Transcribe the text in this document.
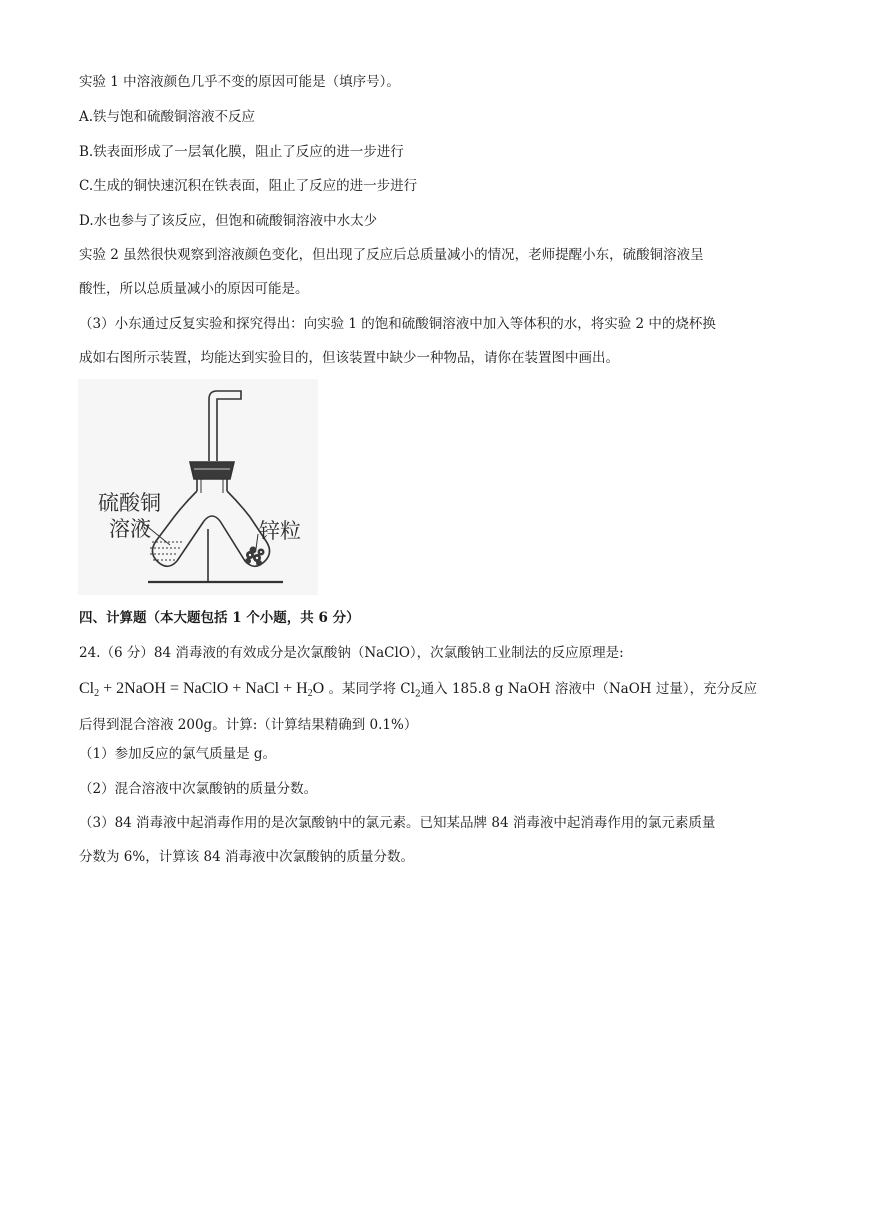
实验 1 中溶液颜色几乎不变的原因可能是（填序号）。
A.铁与饱和硫酸铜溶液不反应
B.铁表面形成了一层氧化膜，阻止了反应的进一步进行
C.生成的铜快速沉积在铁表面，阻止了反应的进一步进行
D.水也参与了该反应，但饱和硫酸铜溶液中水太少
实验 2 虽然很快观察到溶液颜色变化，但出现了反应后总质量减小的情况，老师提醒小东，硫酸铜溶液呈
酸性，所以总质量减小的原因可能是。
（3）小东通过反复实验和探究得出：向实验 1 的饱和硫酸铜溶液中加入等体积的水，将实验 2 中的烧杯换
成如右图所示装置，均能达到实验目的，但该装置中缺少一种物品，请你在装置图中画出。
硫酸铜
溶液	锌粒
四、计算题（本大题包括 1 个小题，共 6 分）
24.（6 分）84 消毒液的有效成分是次氯酸钠（NaClO），次氯酸钠工业制法的反应原理是:
$Cl_2$ + 2NaOH = NaClO + NaCl + $H_2O$ 。某同学将 $Cl_2$通入 185.8 g NaOH 溶液中（NaOH 过量），充分反应
后得到混合溶液 200g。计算:（计算结果精确到 0.1%）
（1）参加反应的氯气质量是 g。
（2）混合溶液中次氯酸钠的质量分数。
（3）84 消毒液中起消毒作用的是次氯酸钠中的氯元素。已知某品牌 84 消毒液中起消毒作用的氯元素质量
分数为 6%，计算该 84 消毒液中次氯酸钠的质量分数。
